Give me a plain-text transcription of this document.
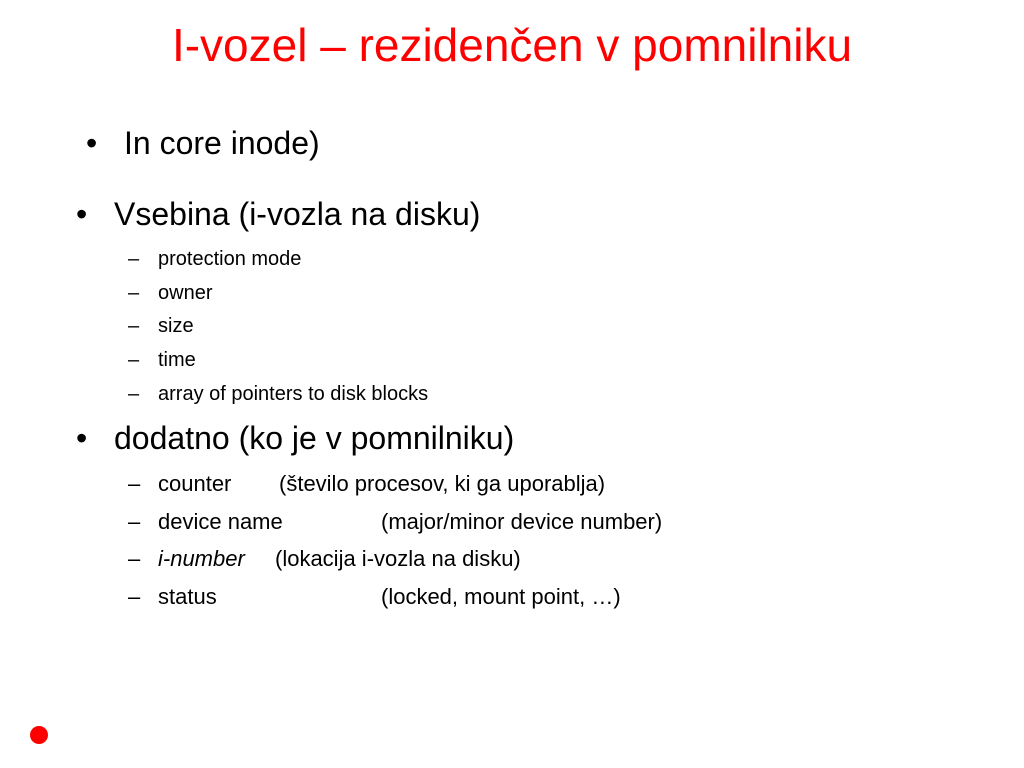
I-vozel – rezidenčen v pomnilniku
• In core inode)
• Vsebina (i-vozla na disku)
– protection mode
– owner
– size
– time
– array of pointers to disk blocks
• dodatno (ko je v pomnilniku)
– counter (število procesov, ki ga uporablja)
– device name	(major/minor device number)
– i-number (lokacija i-vozla na disku)
– status	(locked, mount point, …)
